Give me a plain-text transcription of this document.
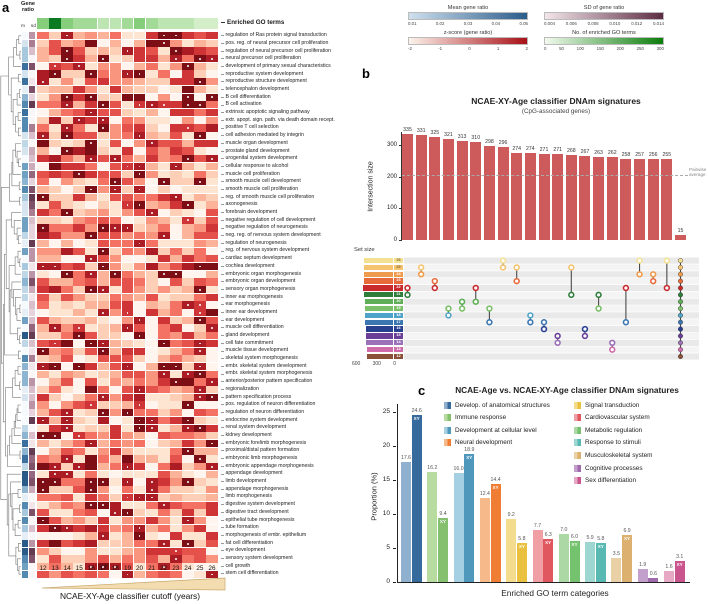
a	Gene ratio
m sd
Enriched GO terms
regulation of Ras protein signal transduction
pos. reg. of neural precursor cell proliferation
regulation of neural precursor cell proliferation
neural precursor cell proliferation
development of primary sexual characteristics
reproductive system development
reproductive structure development
telencephalon development
B cell differentiation
B cell activation
extrinsic apoptotic signaling pathway
extr. apopt. sign. path. via death domain recept.
positive T cell selection
cell adhesion mediated by integrin
muscle organ development
prostate gland development
urogenital system development
cellular response to alcohol
muscle cell proliferation
smooth muscle cell development
smooth muscle cell proliferation
reg. of smooth muscle cell proliferation
axonogenesis
forebrain development
negative regulation of cell development
negative regulation of neurogenesis
neg. reg. of nervous system development
regulation of neurogenesis
reg. of nervous system development
cardiac septum development
cochlea development
embryonic organ morphogenesis
embryonic organ development
sensory organ morphogenesis
inner ear morphogenesis
ear morphogenesis
inner ear development
ear development
muscle cell differentiation
gland development
cell fate commitment
muscle tissue development
skeletal system morphogenesis
embr. skeletal system development
embr. skeletal system morphogenesis
anterior/posterior pattern specification
regionalization
pattern specification process
pos. regulation of neuron differentiation
regulation of neuron differentiation
endocrine system development
renal system development
kidney development
embryonic forelimb morphogenesis
proximal/distal pattern formation
embryonic limb morphogenesis
embryonic appendage morphogenesis
appendage development
limb development
appendage morphogenesis
limb morphogenesis
digestive system development
digestive tract development
epithelial tube morphogenesis
tube formation
morphogenesis of embr. epithelium
fat cell differentiation
eye development
sensory system development
cell growth
stem cell differentiation
12 13 14 15 16 17 18 19 20 21 22 23 24 25 26
NCAE-XY-Age classifier cutoff (years)
Mean gene ratio
0.01	0.02	0.03	0.04	0.05
SD of gene ratio
0.004 0.006 0.008 0.010 0.012 0.014
z-score (gene ratio)
-2	-1	0	1	2
No. of enriched GO terms
0	50	100	150	200	250	300
b
NCAE-XY-Age classifier DNAm signatures
(CpG-associated genes)
Intersection size
0
100
200
300
335 331 325 321 313 310
298 296
274 274 271 271 268 267 263 262 258 257 256 255
15
Pairwise average
Set size
26
25
24
23
22
21
20
19
18
17
16
15
14
13
12
600 300 0
c	NCAE-Age vs. NCAE-XY-Age classifier DNAm signatures
Develop. of anatomical structures
Immune response
Development at cellular level
Neural development
Signal transduction
Cardiovascular system
Metabolic regulation
Response to stimuli
Musculoskeletal system
Cognitive processes
Sex differentiation
0
5
10
15
20
25
17.6
24.6
XY
16.2
9.4
XY
16.0
18.9
XY
12.4
14.4
XY
9.2
5.8
XY
7.7
6.3
XY
7.0
6.0
XY
5.9 5.8
XY
3.5
6.9
XY
1.9
0.6
1.6
3.1
XY
Proportion (%)
Enriched GO term categories
